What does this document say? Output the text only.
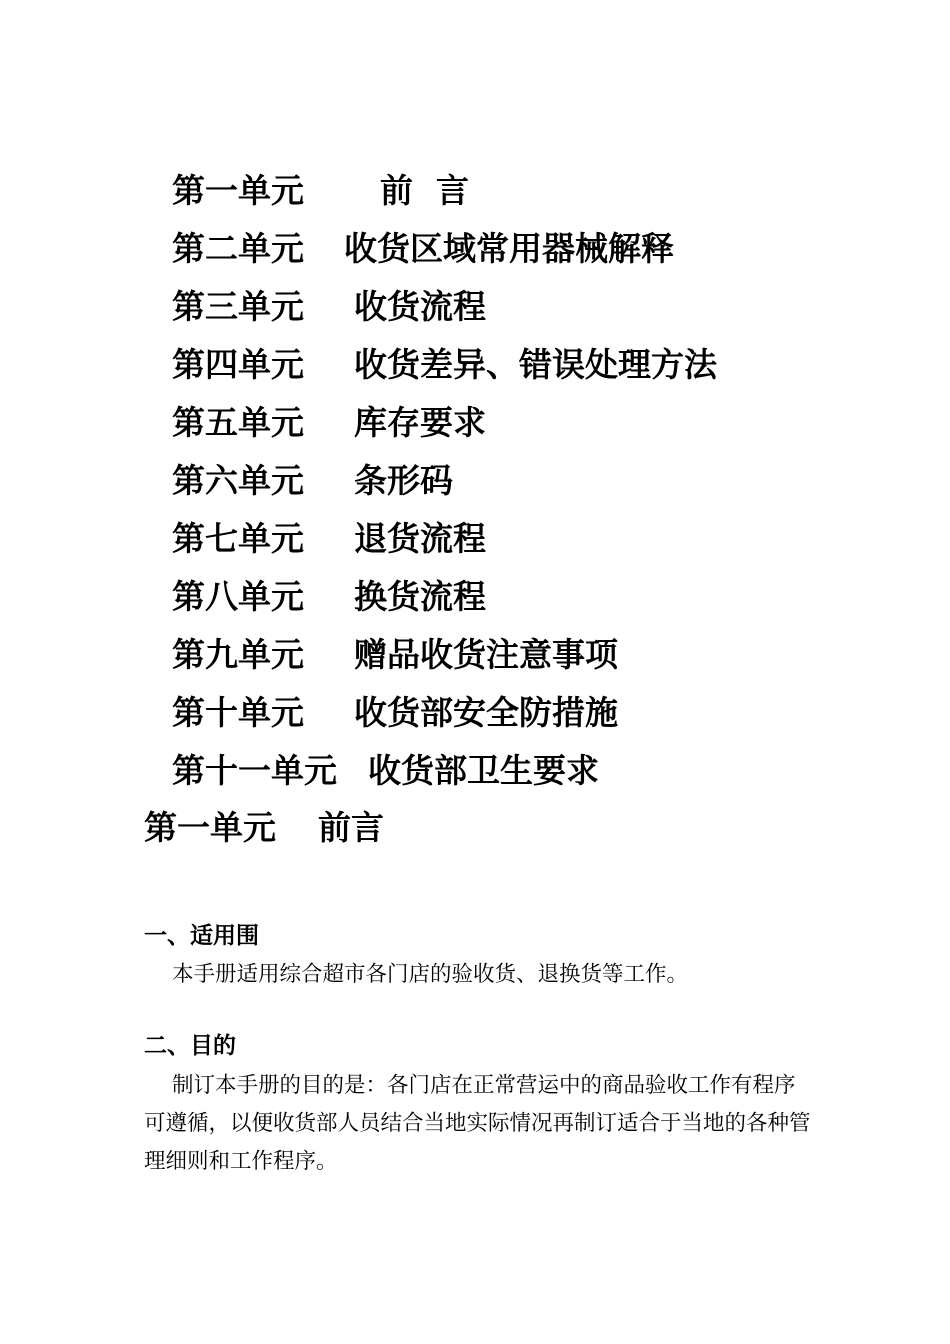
第一单元 前  言
第二单元 收货区域常用器械解释
第三单元 收货流程
第四单元 收货差异、错误处理方法
第五单元 库存要求
第六单元 条形码
第七单元 退货流程
第八单元 换货流程
第九单元 赠品收货注意事项
第十单元 收货部安全防措施
第十一单元 收货部卫生要求
第一单元 前言
一、适用围

本手册适用综合超市各门店的验收货、退换货等工作。

二、目的

制订本手册的目的是：各门店在正常营运中的商品验收工作有程序可遵循，以便收货部人员结合当地实际情况再制订适合于当地的各种管理细则和工作程序。
